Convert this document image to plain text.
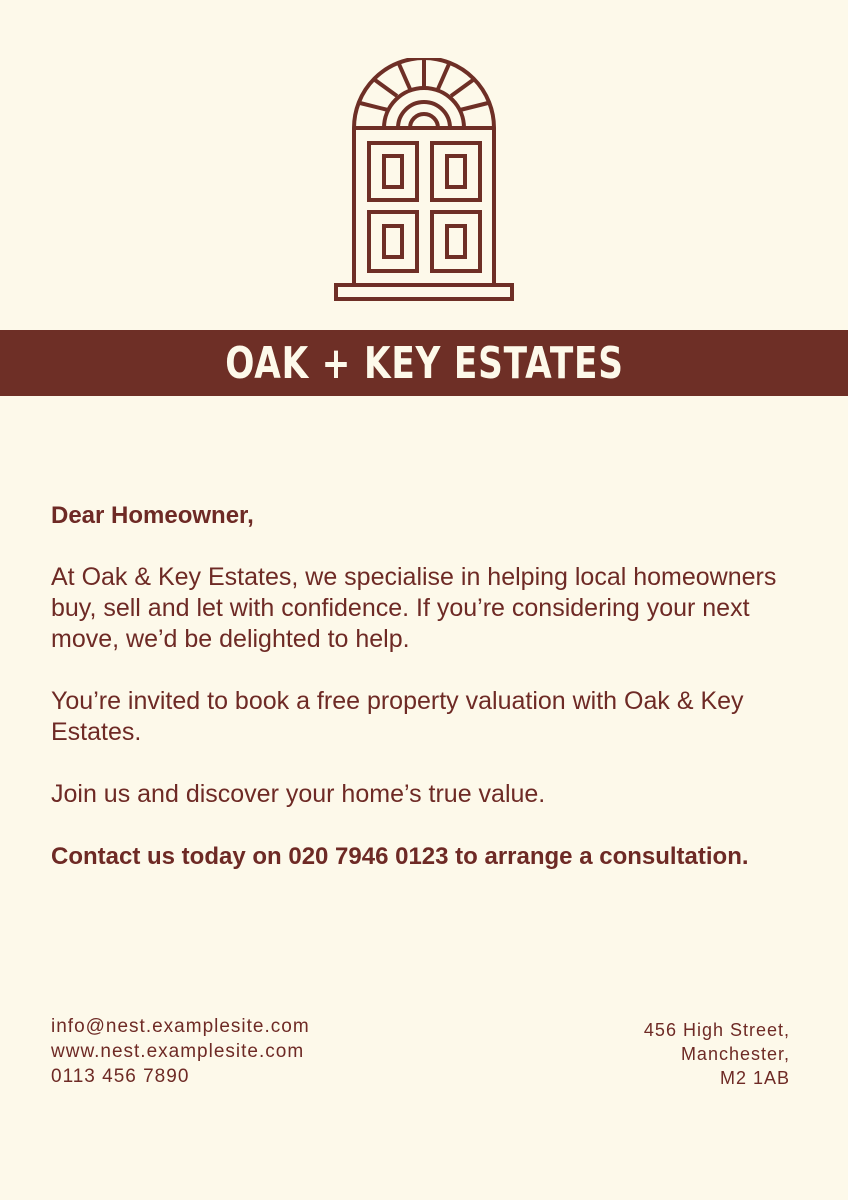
OAK + KEY ESTATES

Dear Homeowner,

At Oak & Key Estates, we specialise in helping local homeowners buy, sell and let with confidence. If you’re considering your next move, we’d be delighted to help.

You’re invited to book a free property valuation with Oak & Key Estates.

Join us and discover your home’s true value.

Contact us today on 020 7946 0123 to arrange a consultation.

info@nest.examplesite.com
www.nest.examplesite.com
0113 456 7890
456 High Street,
Manchester,
M2 1AB
